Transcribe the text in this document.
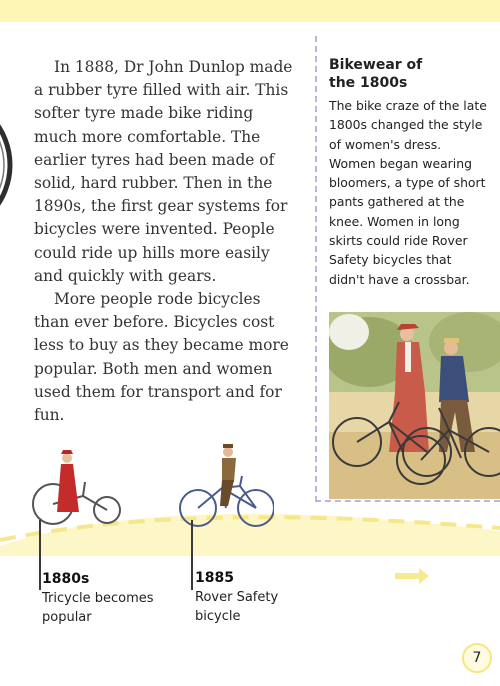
In 1888, Dr John Dunlop made a rubber tyre filled with air. This softer tyre made bike riding much more comfortable. The earlier tyres had been made of solid, hard rubber. Then in the 1890s, the first gear systems for bicycles were invented. People could ride up hills more easily and quickly with gears.

More people rode bicycles than ever before. Bicycles cost less to buy as they became more popular. Both men and women used them for transport and for fun.

Bikewear of
the 1800s
The bike craze of the late 1800s changed the style of women's dress. Women began wearing bloomers, a type of short pants gathered at the knee. Women in long skirts could ride Rover Safety bicycles that didn't have a crossbar.
1880s
Tricycle becomes
popular
1885
Rover Safety
bicycle
7
